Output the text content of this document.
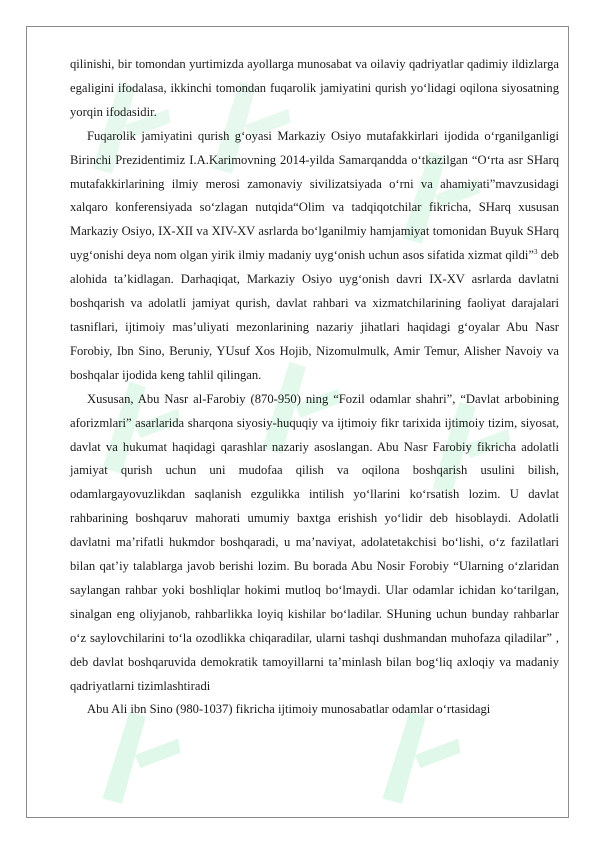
qilinishi, bir tomondan yurtimizda ayollarga munosabat va oilaviy qadriyatlar qadimiy ildizlarga egaligini ifodalasa, ikkinchi tomondan fuqarolik jamiyatini qurish yo‘lidagi oqilona siyosatning yorqin ifodasidir.

Fuqarolik jamiyatini qurish g‘oyasi Markaziy Osiyo mutafakkirlari ijodida o‘rganilganligi Birinchi Prezidentimiz I.A.Karimovning 2014-yilda Samarqandda o‘tkazilgan “O‘rta asr SHarq mutafakkirlarining ilmiy merosi zamonaviy sivilizatsiyada o‘rni va ahamiyati”mavzusidagi xalqaro konferensiyada so‘zlagan nutqida“Olim va tadqiqotchilar fikricha, SHarq xususan Markaziy Osiyo, IX-XII va XIV-XV asrlarda bo‘lganilmiy hamjamiyat tomonidan Buyuk SHarq uyg‘onishi deya nom olgan yirik ilmiy madaniy uyg‘onish uchun asos sifatida xizmat qildi”$^3$ deb alohida ta’kidlagan. Darhaqiqat, Markaziy Osiyo uyg‘onish davri IX-XV asrlarda davlatni boshqarish va adolatli jamiyat qurish, davlat rahbari va xizmatchilarining faoliyat darajalari tasniflari, ijtimoiy mas’uliyati mezonlarining nazariy jihatlari haqidagi g‘oyalar Abu Nasr Forobiy, Ibn Sino, Beruniy, YUsuf Xos Hojib, Nizomulmulk, Amir Temur, Alisher Navoiy va boshqalar ijodida keng tahlil qilingan.

Xususan, Abu Nasr al-Farobiy (870-950) ning “Fozil odamlar shahri”, “Davlat arbobining aforizmlari” asarlarida sharqona siyosiy-huquqiy va ijtimoiy fikr tarixida ijtimoiy tizim, siyosat, davlat va hukumat haqidagi qarashlar nazariy asoslangan. Abu Nasr Farobiy fikricha adolatli jamiyat qurish uchun uni mudofaa qilish va oqilona boshqarish usulini bilish, odamlargayovuzlikdan saqlanish ezgulikka intilish yo‘llarini ko‘rsatish lozim. U davlat rahbarining boshqaruv mahorati umumiy baxtga erishish yo‘lidir deb hisoblaydi. Adolatli davlatni ma’rifatli hukmdor boshqaradi, u ma’naviyat, adolatetakchisi bo‘lishi, o‘z fazilatlari bilan qat’iy talablarga javob berishi lozim. Bu borada Abu Nosir Forobiy “Ularning o‘zlaridan saylangan rahbar yoki boshliqlar hokimi mutloq bo‘lmaydi. Ular odamlar ichidan ko‘tarilgan, sinalgan eng oliyjanob, rahbarlikka loyiq kishilar bo‘ladilar. SHuning uchun bunday rahbarlar o‘z saylovchilarini to‘la ozodlikka chiqaradilar, ularni tashqi dushmandan muhofaza qiladilar” , deb davlat boshqaruvida demokratik tamoyillarni ta’minlash bilan bog‘liq axloqiy va madaniy qadriyatlarni tizimlashtiradi

Abu Ali ibn Sino (980-1037) fikricha ijtimoiy munosabatlar odamlar o‘rtasidagi
